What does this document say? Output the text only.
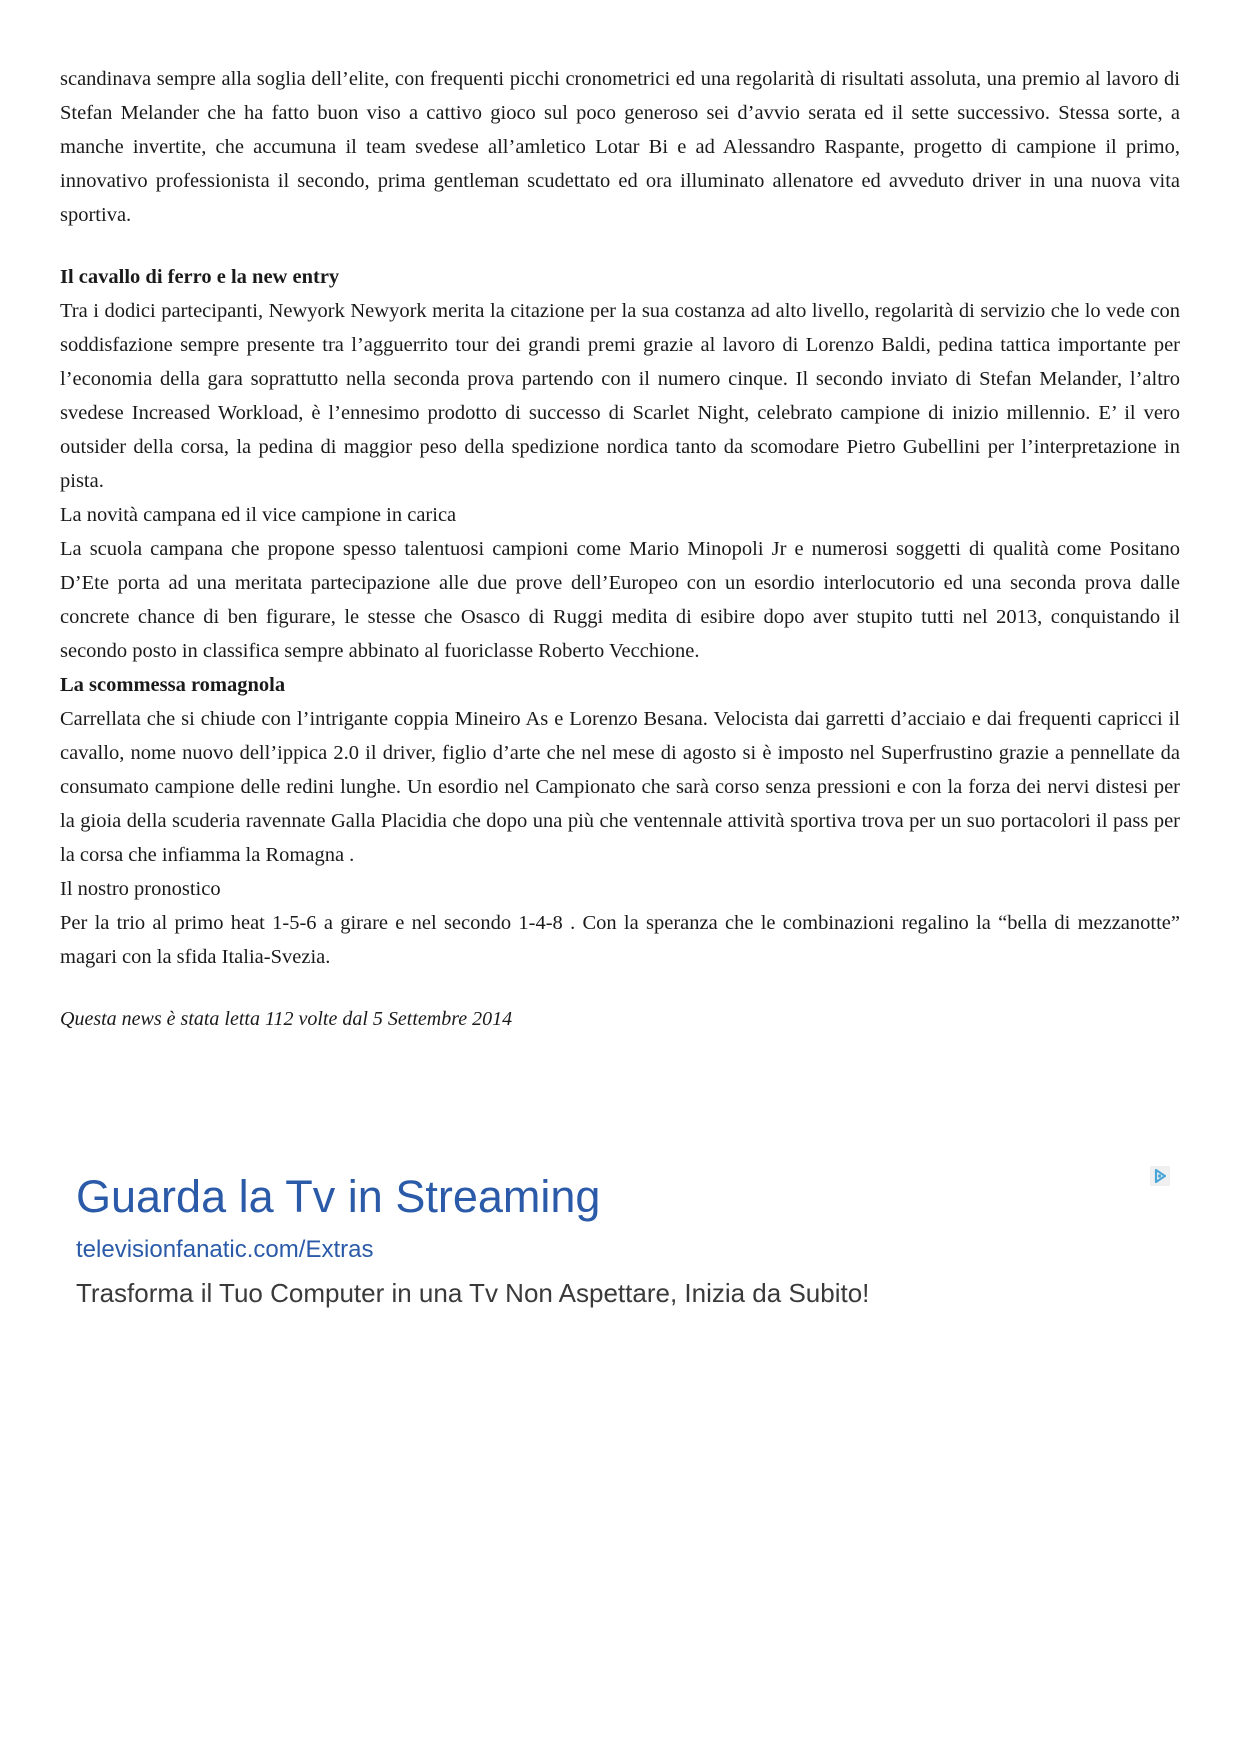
scandinava sempre alla soglia dell’elite, con frequenti picchi cronometrici ed una regolarità di risultati assoluta, una premio al lavoro di Stefan Melander che ha fatto buon viso a cattivo gioco sul poco generoso sei d’avvio serata ed il sette successivo. Stessa sorte, a manche invertite, che accumuna il team svedese all’amletico Lotar Bi e ad Alessandro Raspante, progetto di campione il primo, innovativo professionista il secondo, prima gentleman scudettato ed ora illuminato allenatore ed avveduto driver in una nuova vita sportiva.

Il cavallo di ferro e la new entry

Tra i dodici partecipanti, Newyork Newyork merita la citazione per la sua costanza ad alto livello, regolarità di servizio che lo vede con soddisfazione sempre presente tra l’agguerrito tour dei grandi premi grazie al lavoro di Lorenzo Baldi, pedina tattica importante per l’economia della gara soprattutto nella seconda prova partendo con il numero cinque. Il secondo inviato di Stefan Melander, l’altro svedese Increased Workload, è l’ennesimo prodotto di successo di Scarlet Night, celebrato campione di inizio millennio. E’ il vero outsider della corsa, la pedina di maggior peso della spedizione nordica tanto da scomodare Pietro Gubellini per l’interpretazione in pista.

La novità campana ed il vice campione in carica

La scuola campana che propone spesso talentuosi campioni come Mario Minopoli Jr e numerosi soggetti di qualità come Positano D’Ete porta ad una meritata partecipazione alle due prove dell’Europeo con un esordio interlocutorio ed una seconda prova dalle concrete chance di ben figurare, le stesse che Osasco di Ruggi medita di esibire dopo aver stupito tutti nel 2013, conquistando il secondo posto in classifica sempre abbinato al fuoriclasse Roberto Vecchione.

La scommessa romagnola

Carrellata che si chiude con l’intrigante coppia Mineiro As e Lorenzo Besana. Velocista dai garretti d’acciaio e dai frequenti capricci il cavallo, nome nuovo dell’ippica 2.0 il driver, figlio d’arte che nel mese di agosto si è imposto nel Superfrustino grazie a pennellate da consumato campione delle redini lunghe. Un esordio nel Campionato che sarà corso senza pressioni e con la forza dei nervi distesi per la gioia della scuderia ravennate Galla Placidia che dopo una più che ventennale attività sportiva trova per un suo portacolori il pass per la corsa che infiamma la Romagna .

Il nostro pronostico

Per la trio al primo heat 1-5-6 a girare e nel secondo 1-4-8 . Con la speranza che le combinazioni regalino la “bella di mezzanotte” magari con la sfida Italia-Svezia.

Questa news è stata letta 112 volte dal 5 Settembre 2014

Guarda la Tv in Streaming

televisionfanatic.com/Extras

Trasforma il Tuo Computer in una Tv Non Aspettare, Inizia da Subito!
